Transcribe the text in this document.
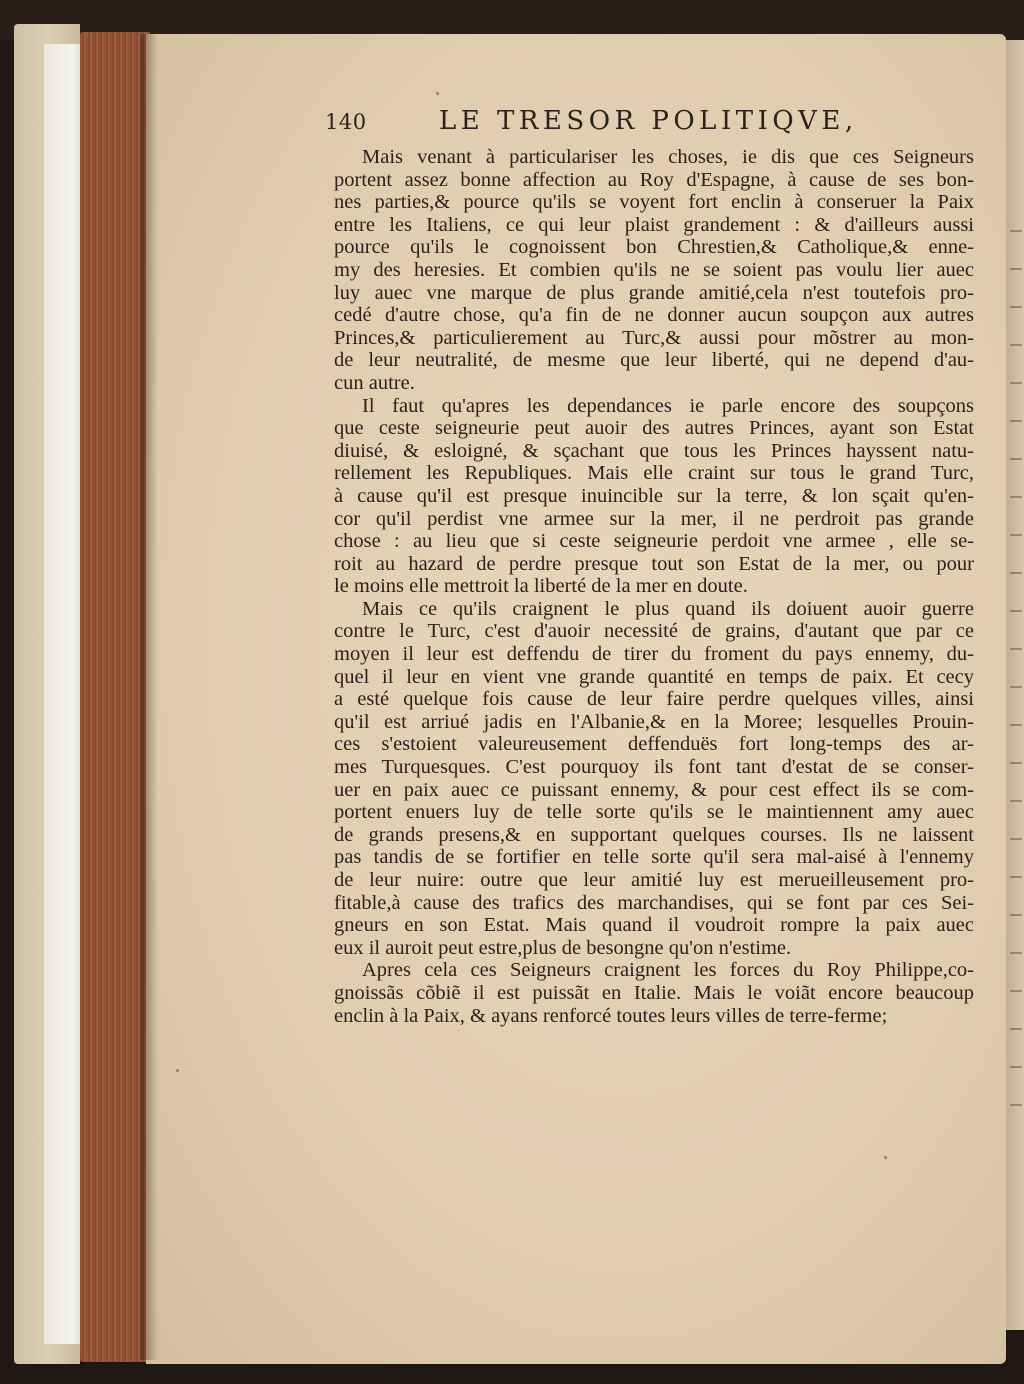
140	LE TRESOR POLITIQVE,
Mais venant à particulariser les choses, ie dis que ces Seigneurs
portent assez bonne affection au Roy d'Espagne, à cause de ses bon-
nes parties,& pource qu'ils se voyent fort enclin à conseruer la Paix
entre les Italiens, ce qui leur plaist grandement : & d'ailleurs aussi
pource qu'ils le cognoissent bon Chrestien,& Catholique,& enne-
my des heresies. Et combien qu'ils ne se soient pas voulu lier auec
luy auec vne marque de plus grande amitié,cela n'est toutefois pro-
cedé d'autre chose, qu'a fin de ne donner aucun soupçon aux autres
Princes,& particulierement au Turc,& aussi pour mõstrer au mon-
de leur neutralité, de mesme que leur liberté, qui ne depend d'au-
cun autre.
Il faut qu'apres les dependances ie parle encore des soupçons
que ceste seigneurie peut auoir des autres Princes, ayant son Estat
diuisé, & esloigné, & sçachant que tous les Princes hayssent natu-
rellement les Republiques. Mais elle craint sur tous le grand Turc,
à cause qu'il est presque inuincible sur la terre, & lon sçait qu'en-
cor qu'il perdist vne armee sur la mer, il ne perdroit pas grande
chose : au lieu que si ceste seigneurie perdoit vne armee , elle se-
roit au hazard de perdre presque tout son Estat de la mer, ou pour
le moins elle mettroit la liberté de la mer en doute.
Mais ce qu'ils craignent le plus quand ils doiuent auoir guerre
contre le Turc, c'est d'auoir necessité de grains, d'autant que par ce
moyen il leur est deffendu de tirer du froment du pays ennemy, du-
quel il leur en vient vne grande quantité en temps de paix. Et cecy
a esté quelque fois cause de leur faire perdre quelques villes, ainsi
qu'il est arriué jadis en l'Albanie,& en la Moree; lesquelles Prouin-
ces s'estoient valeureusement deffenduës fort long-temps des ar-
mes Turquesques. C'est pourquoy ils font tant d'estat de se conser-
uer en paix auec ce puissant ennemy, & pour cest effect ils se com-
portent enuers luy de telle sorte qu'ils se le maintiennent amy auec
de grands presens,& en supportant quelques courses. Ils ne laissent
pas tandis de se fortifier en telle sorte qu'il sera mal-aisé à l'ennemy
de leur nuire: outre que leur amitié luy est merueilleusement pro-
fitable,à cause des trafics des marchandises, qui se font par ces Sei-
gneurs en son Estat. Mais quand il voudroit rompre la paix auec
eux il auroit peut estre,plus de besongne qu'on n'estime.
Apres cela ces Seigneurs craignent les forces du Roy Philippe,co-
gnoissãs cõbiẽ il est puissãt en Italie. Mais le voiãt encore beaucoup
enclin à la Paix, & ayans renforcé toutes leurs villes de terre-ferme;
